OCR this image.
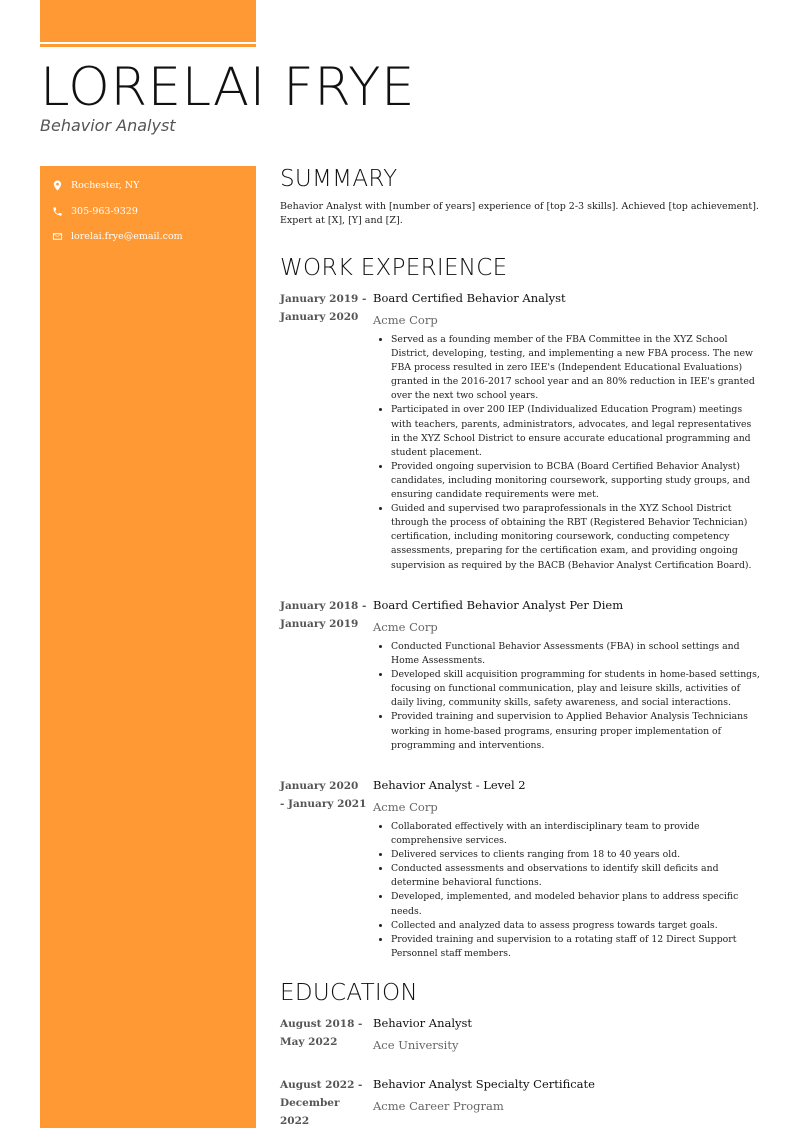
LORELAI FRYE
Behavior Analyst
Rochester, NY
305-963-9329
lorelai.frye@email.com
SUMMARY
Behavior Analyst with [number of years] experience of [top 2-3 skills]. Achieved [top achievement]. Expert at [X], [Y] and [Z].
WORK EXPERIENCE
January 2019 -
January 2020
Board Certified Behavior Analyst
Acme Corp
• Served as a founding member of the FBA Committee in the XYZ School District, developing, testing, and implementing a new FBA process. The new FBA process resulted in zero IEE's (Independent Educational Evaluations) granted in the 2016-2017 school year and an 80% reduction in IEE's granted over the next two school years.
• Participated in over 200 IEP (Individualized Education Program) meetings with teachers, parents, administrators, advocates, and legal representatives in the XYZ School District to ensure accurate educational programming and student placement.
• Provided ongoing supervision to BCBA (Board Certified Behavior Analyst) candidates, including monitoring coursework, supporting study groups, and ensuring candidate requirements were met.
• Guided and supervised two paraprofessionals in the XYZ School District through the process of obtaining the RBT (Registered Behavior Technician) certification, including monitoring coursework, conducting competency assessments, preparing for the certification exam, and providing ongoing supervision as required by the BACB (Behavior Analyst Certification Board).
January 2018 -
January 2019
Board Certified Behavior Analyst Per Diem
Acme Corp
• Conducted Functional Behavior Assessments (FBA) in school settings and Home Assessments.
• Developed skill acquisition programming for students in home-based settings, focusing on functional communication, play and leisure skills, activities of daily living, community skills, safety awareness, and social interactions.
• Provided training and supervision to Applied Behavior Analysis Technicians working in home-based programs, ensuring proper implementation of programming and interventions.
January 2020
- January 2021
Behavior Analyst - Level 2
Acme Corp
• Collaborated effectively with an interdisciplinary team to provide comprehensive services.
• Delivered services to clients ranging from 18 to 40 years old.
• Conducted assessments and observations to identify skill deficits and determine behavioral functions.
• Developed, implemented, and modeled behavior plans to address specific needs.
• Collected and analyzed data to assess progress towards target goals.
• Provided training and supervision to a rotating staff of 12 Direct Support Personnel staff members.
EDUCATION
August 2018 -
May 2022
Behavior Analyst
Ace University
August 2022 -
December 2022
Behavior Analyst Specialty Certificate
Acme Career Program
